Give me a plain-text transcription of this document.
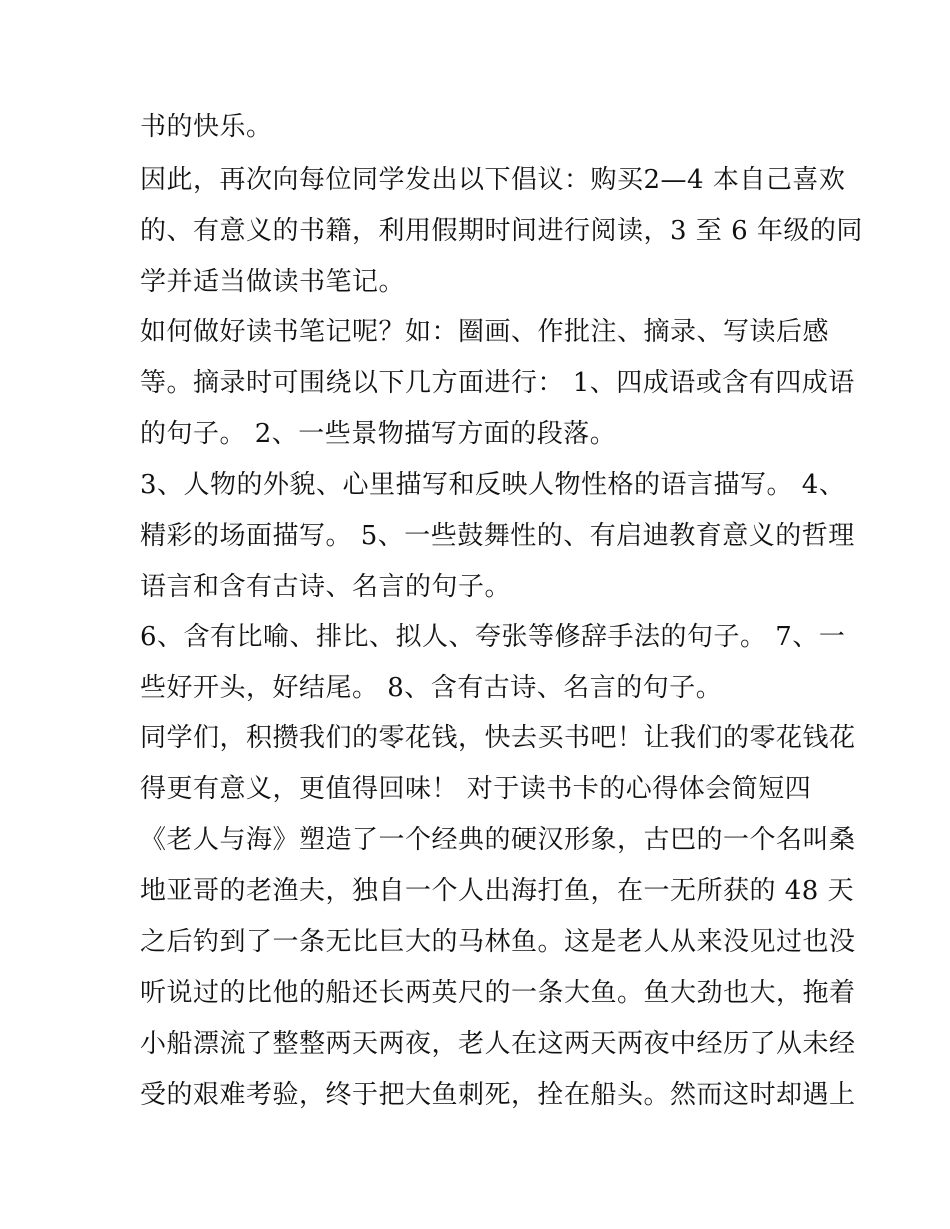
书的快乐。
因此，再次向每位同学发出以下倡议：购买2—4 本自己喜欢
的、有意义的书籍，利用假期时间进行阅读，3 至 6 年级的同
学并适当做读书笔记。
如何做好读书笔记呢？如：圈画、作批注、摘录、写读后感
等。摘录时可围绕以下几方面进行： 1、四成语或含有四成语
的句子。 2、一些景物描写方面的段落。
3、人物的外貌、心里描写和反映人物性格的语言描写。 4、
精彩的场面描写。 5、一些鼓舞性的、有启迪教育意义的哲理
语言和含有古诗、名言的句子。
6、含有比喻、排比、拟人、夸张等修辞手法的句子。 7、一
些好开头，好结尾。 8、含有古诗、名言的句子。
同学们，积攒我们的零花钱，快去买书吧！让我们的零花钱花
得更有意义，更值得回味！ 对于读书卡的心得体会简短四
《老人与海》塑造了一个经典的硬汉形象，古巴的一个名叫桑
地亚哥的老渔夫，独自一个人出海打鱼，在一无所获的 48 天
之后钓到了一条无比巨大的马林鱼。这是老人从来没见过也没
听说过的比他的船还长两英尺的一条大鱼。鱼大劲也大，拖着
小船漂流了整整两天两夜，老人在这两天两夜中经历了从未经
受的艰难考验，终于把大鱼刺死，拴在船头。然而这时却遇上
